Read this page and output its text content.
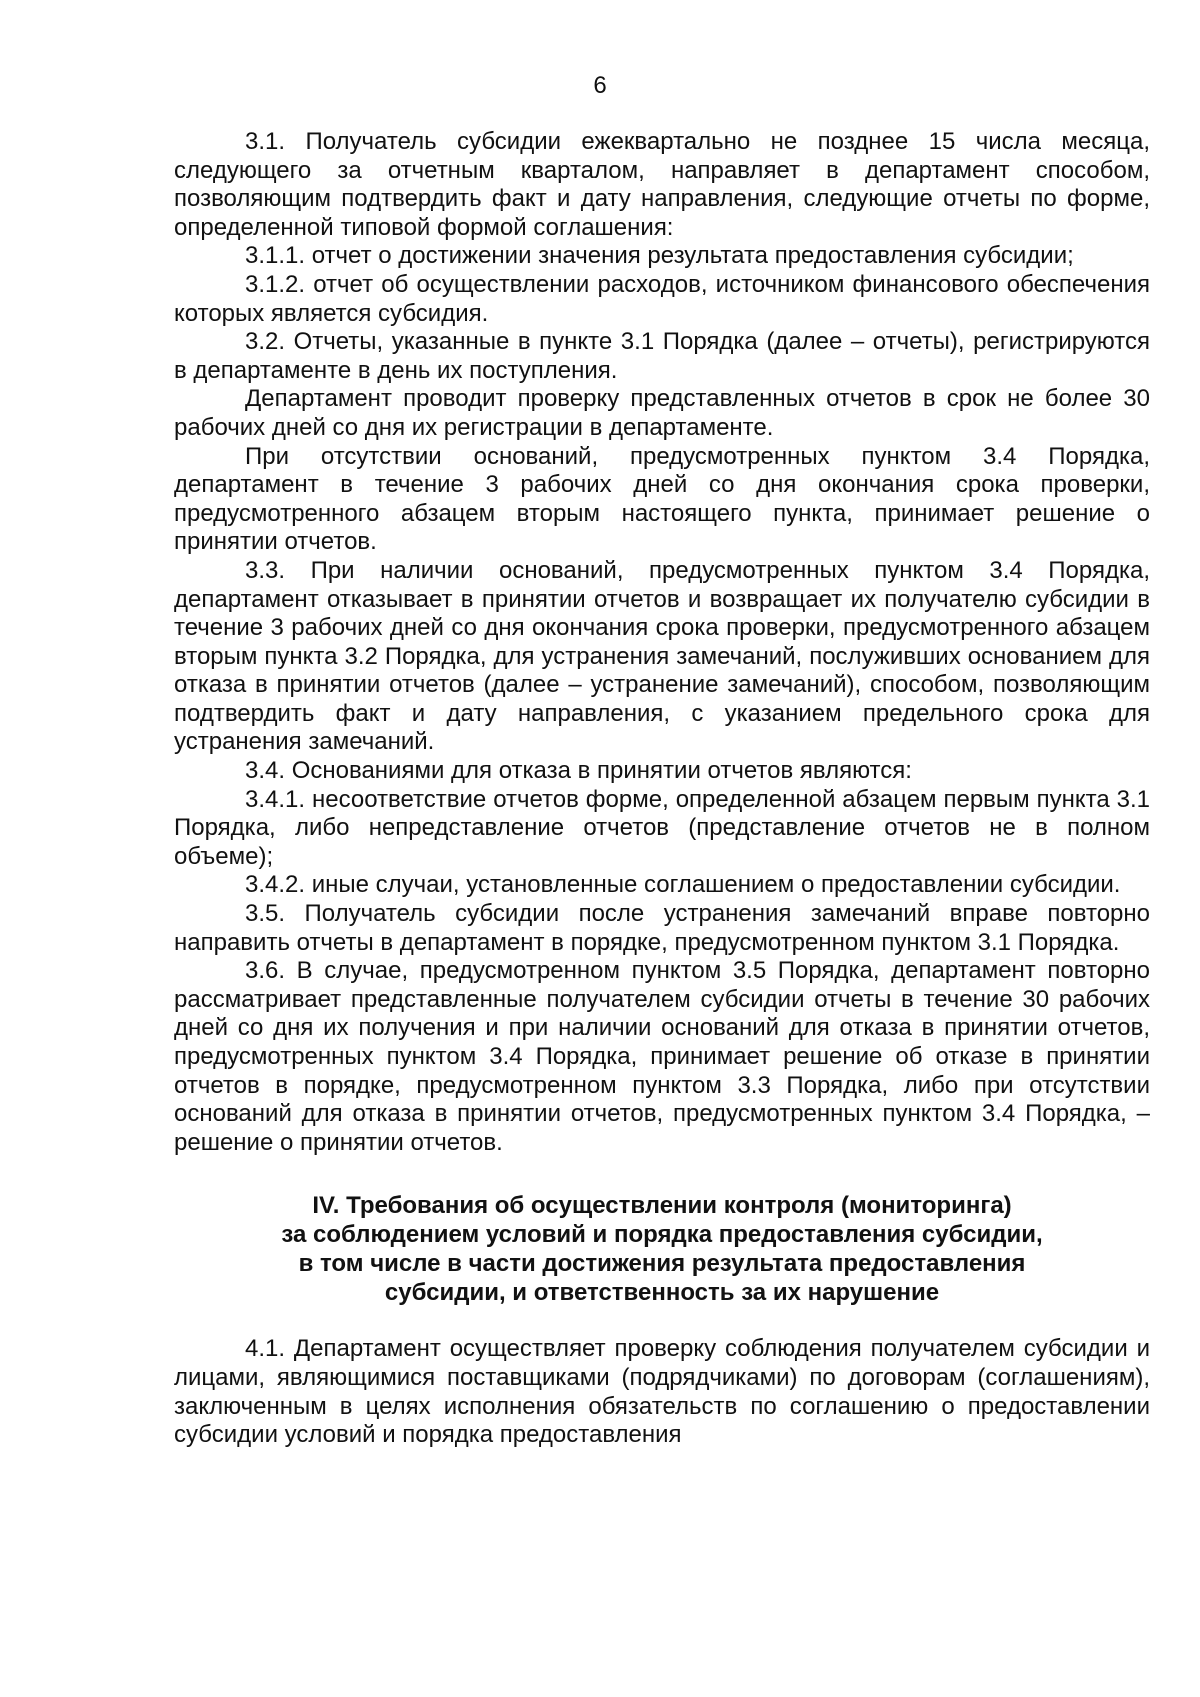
6

3.1. Получатель субсидии ежеквартально не позднее 15 числа месяца, следующего за отчетным кварталом, направляет в департамент способом, позволяющим подтвердить факт и дату направления, следующие отчеты по форме, определенной типовой формой соглашения:

3.1.1. отчет о достижении значения результата предоставления субсидии;

3.1.2. отчет об осуществлении расходов, источником финансового обеспечения которых является субсидия.

3.2. Отчеты, указанные в пункте 3.1 Порядка (далее – отчеты), регистрируются в департаменте в день их поступления.

Департамент проводит проверку представленных отчетов в срок не более 30 рабочих дней со дня их регистрации в департаменте.

При отсутствии оснований, предусмотренных пунктом 3.4 Порядка, департамент в течение 3 рабочих дней со дня окончания срока проверки, предусмотренного абзацем вторым настоящего пункта, принимает решение о принятии отчетов.

3.3. При наличии оснований, предусмотренных пунктом 3.4 Порядка, департамент отказывает в принятии отчетов и возвращает их получателю субсидии в течение 3 рабочих дней со дня окончания срока проверки, предусмотренного абзацем вторым пункта 3.2 Порядка, для устранения замечаний, послуживших основанием для отказа в принятии отчетов (далее – устранение замечаний), способом, позволяющим подтвердить факт и дату направления, с указанием предельного срока для устранения замечаний.

3.4. Основаниями для отказа в принятии отчетов являются:

3.4.1. несоответствие отчетов форме, определенной абзацем первым пункта 3.1 Порядка, либо непредставление отчетов (представление отчетов не в полном объеме);

3.4.2. иные случаи, установленные соглашением о предоставлении субсидии.

3.5. Получатель субсидии после устранения замечаний вправе повторно направить отчеты в департамент в порядке, предусмотренном пунктом 3.1 Порядка.

3.6. В случае, предусмотренном пунктом 3.5 Порядка, департамент повторно рассматривает представленные получателем субсидии отчеты в течение 30 рабочих дней со дня их получения и при наличии оснований для отказа в принятии отчетов, предусмотренных пунктом 3.4 Порядка, принимает решение об отказе в принятии отчетов в порядке, предусмотренном пунктом 3.3 Порядка, либо при отсутствии оснований для отказа в принятии отчетов, предусмотренных пунктом 3.4 Порядка, – решение о принятии отчетов.

IV. Требования об осуществлении контроля (мониторинга)
за соблюдением условий и порядка предоставления субсидии,
в том числе в части достижения результата предоставления
субсидии, и ответственность за их нарушение

4.1. Департамент осуществляет проверку соблюдения получателем субсидии и лицами, являющимися поставщиками (подрядчиками) по договорам (соглашениям), заключенным в целях исполнения обязательств по соглашению о предоставлении субсидии условий и порядка предоставления
